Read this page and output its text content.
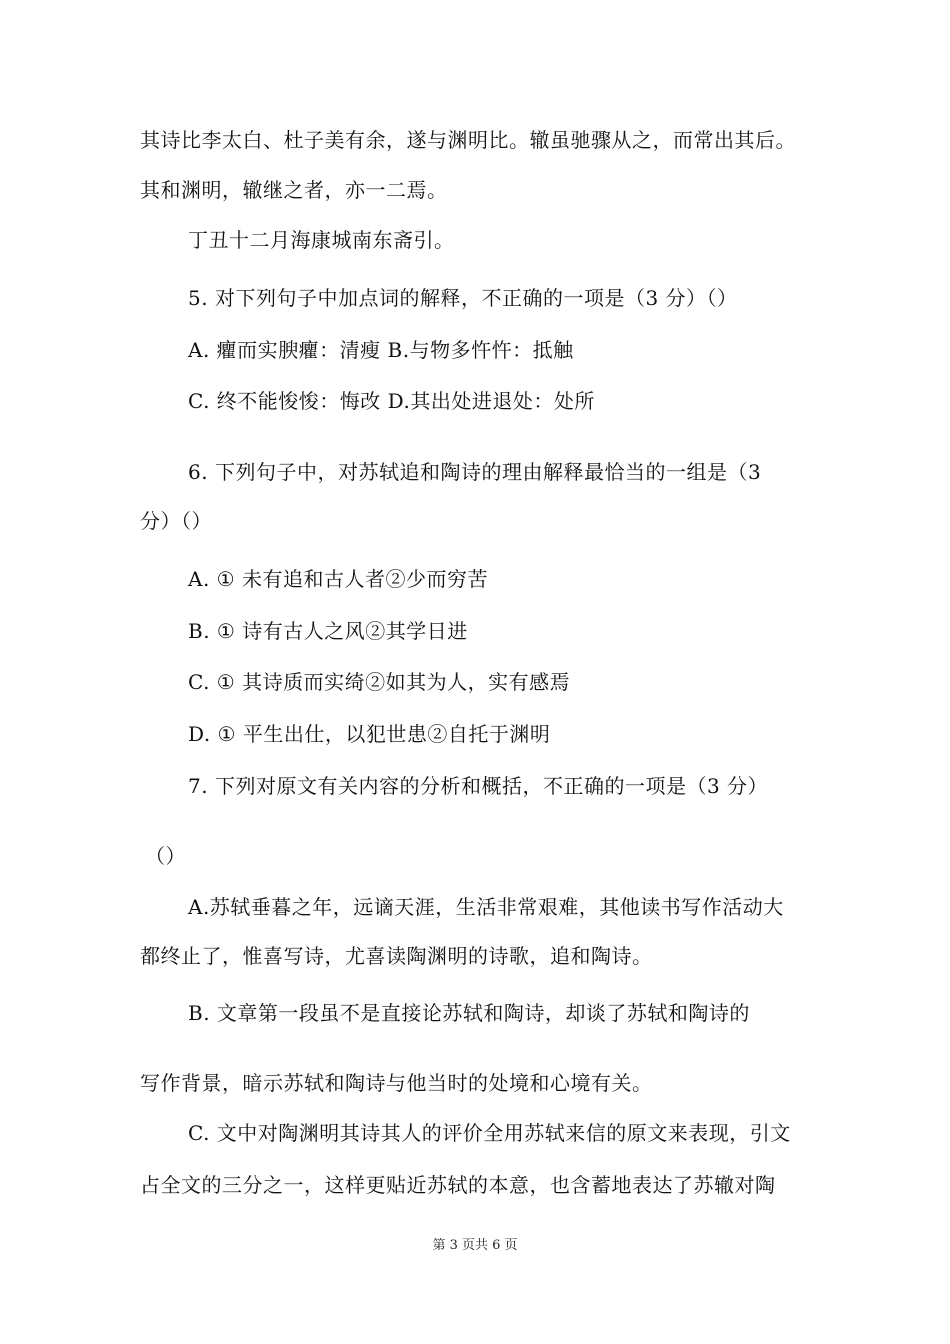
其诗比李太白、杜子美有余，遂与渊明比。辙虽驰骤从之，而常出其后。
其和渊明，辙继之者，亦一二焉。
丁丑十二月海康城南东斋引。
5. 对下列句子中加点词的解释，不正确的一项是（3 分）（）
A. 癯而实腴癯：清瘦 B.与物多忤忤：抵触
C. 终不能悛悛：悔改 D.其出处进退处：处所
6. 下列句子中，对苏轼追和陶诗的理由解释最恰当的一组是（3
分）（）
A. ① 未有追和古人者②少而穷苦
B. ① 诗有古人之风②其学日进
C. ① 其诗质而实绮②如其为人，实有感焉
D. ① 平生出仕，以犯世患②自托于渊明
7. 下列对原文有关内容的分析和概括，不正确的一项是（3 分）
（）
A.苏轼垂暮之年，远谪天涯，生活非常艰难，其他读书写作活动大
都终止了，惟喜写诗，尤喜读陶渊明的诗歌，追和陶诗。
B. 文章第一段虽不是直接论苏轼和陶诗，却谈了苏轼和陶诗的
写作背景，暗示苏轼和陶诗与他当时的处境和心境有关。
C. 文中对陶渊明其诗其人的评价全用苏轼来信的原文来表现，引文
占全文的三分之一，这样更贴近苏轼的本意，也含蓄地表达了苏辙对陶
第 3 页共 6 页
